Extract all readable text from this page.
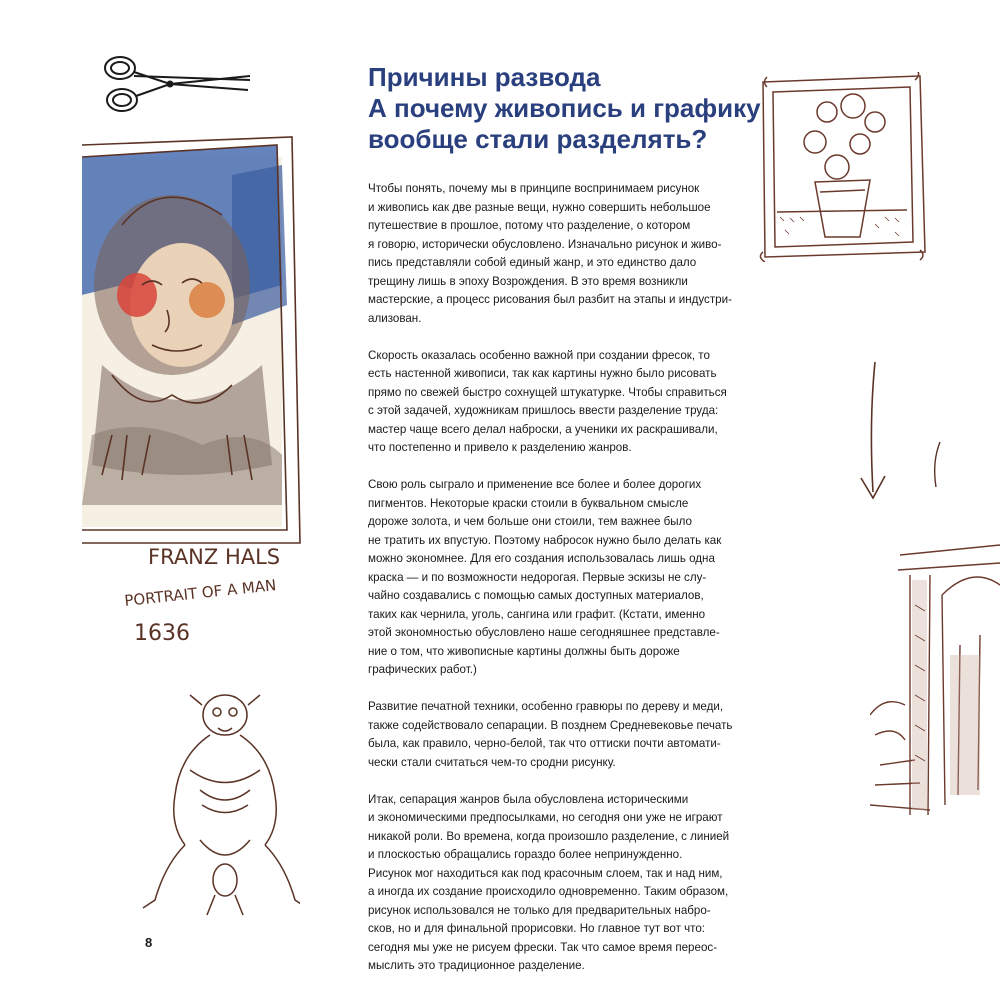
FRANZ HALS
PORTRAIT OF A MAN
1636
Причины развода
А почему живопись и графику
вообще стали разделять?
Чтобы понять, почему мы в принципе воспринимаем рисунок
и живопись как две разные вещи, нужно совершить небольшое
путешествие в прошлое, потому что разделение, о котором
я говорю, исторически обусловлено. Изначально рисунок и живо-
пись представляли собой единый жанр, и это единство дало
трещину лишь в эпоху Возрождения. В это время возникли
мастерские, а процесс рисования был разбит на этапы и индустри-
ализован.
Скорость оказалась особенно важной при создании фресок, то
есть настенной живописи, так как картины нужно было рисовать
прямо по свежей быстро сохнущей штукатурке. Чтобы справиться
с этой задачей, художникам пришлось ввести разделение труда:
мастер чаще всего делал наброски, а ученики их раскрашивали,
что постепенно и привело к разделению жанров.
Свою роль сыграло и применение все более и более дорогих
пигментов. Некоторые краски стоили в буквальном смысле
дороже золота, и чем больше они стоили, тем важнее было
не тратить их впустую. Поэтому набросок нужно было делать как
можно экономнее. Для его создания использовалась лишь одна
краска — и по возможности недорогая. Первые эскизы не слу-
чайно создавались с помощью самых доступных материалов,
таких как чернила, уголь, сангина или графит. (Кстати, именно
этой экономностью обусловлено наше сегодняшнее представле-
ние о том, что живописные картины должны быть дороже
графических работ.)
Развитие печатной техники, особенно гравюры по дереву и меди,
также содействовало сепарации. В позднем Средневековье печать
была, как правило, черно-белой, так что оттиски почти автомати-
чески стали считаться чем-то сродни рисунку.
Итак, сепарация жанров была обусловлена историческими
и экономическими предпосылками, но сегодня они уже не играют
никакой роли. Во времена, когда произошло разделение, с линией
и плоскостью обращались гораздо более непринужденно.
Рисунок мог находиться как под красочным слоем, так и над ним,
а иногда их создание происходило одновременно. Таким образом,
рисунок использовался не только для предварительных набро-
сков, но и для финальной прорисовки. Но главное тут вот что:
сегодня мы уже не рисуем фрески. Так что самое время переос-
мыслить это традиционное разделение.
8
